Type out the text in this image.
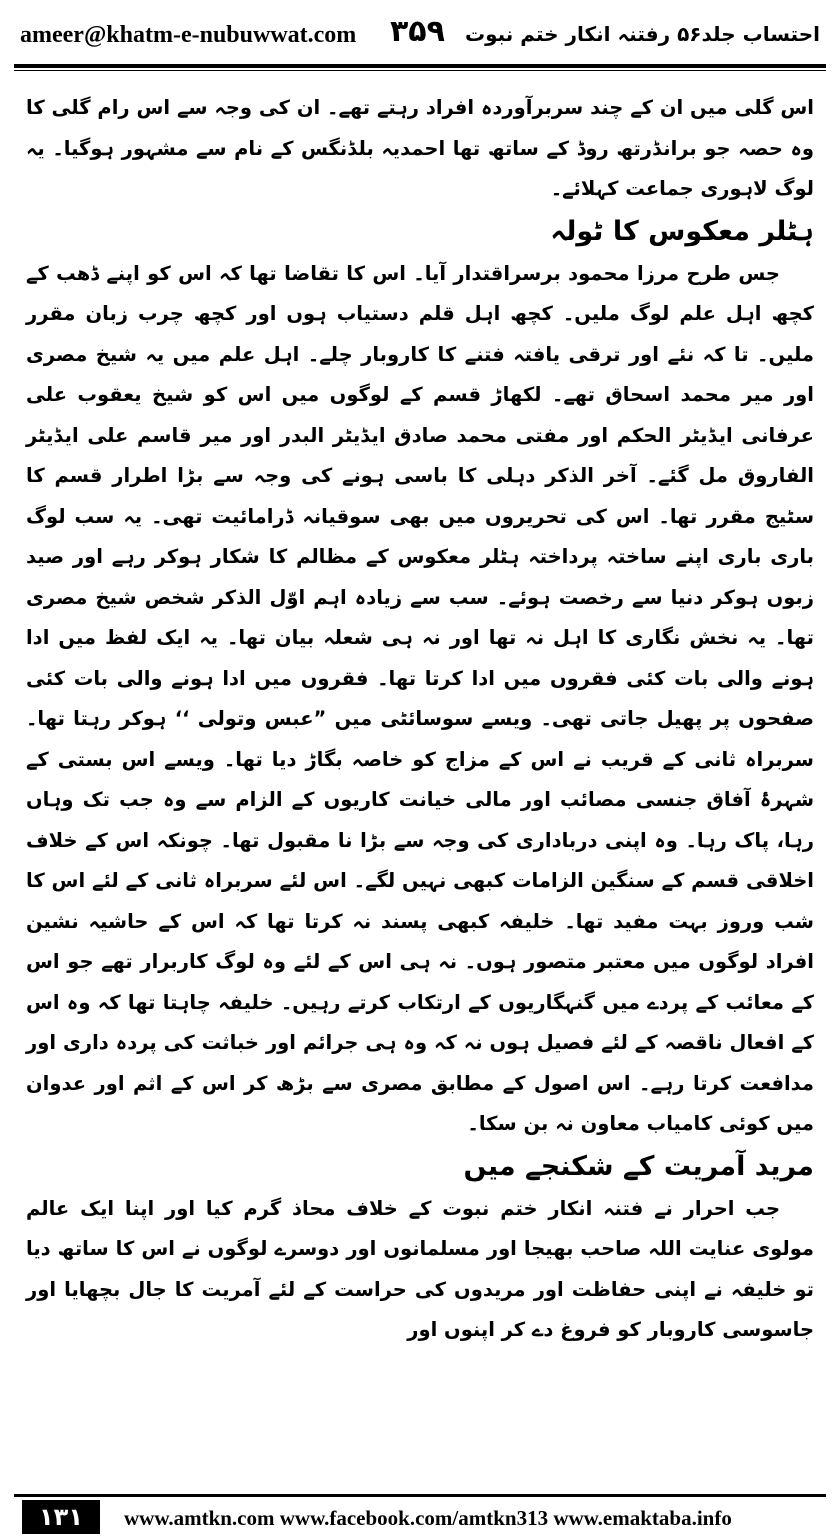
ameer@khatm-e-nubuwwat.com ۳۵۹ احتساب جلد۵۶ رفتنہ انکار ختم نبوت

اس گلی میں ان کے چند سربرآوردہ افراد رہتے تھے۔ ان کی وجہ سے اس رام گلی کا وہ حصہ جو برانڈرتھ روڈ کے ساتھ تھا احمدیہ بلڈنگس کے نام سے مشہور ہوگیا۔ یہ لوگ لاہوری جماعت کہلائے۔

ہٹلر معکوس کا ٹولہ

جس طرح مرزا محمود برسراقتدار آیا۔ اس کا تقاضا تھا کہ اس کو اپنے ڈھب کے کچھ اہل علم لوگ ملیں۔ کچھ اہل قلم دستیاب ہوں اور کچھ چرب زبان مقرر ملیں۔ تا کہ نئے اور ترقی یافتہ فتنے کا کاروبار چلے۔ اہل علم میں یہ شیخ مصری اور میر محمد اسحاق تھے۔ لکھاڑ قسم کے لوگوں میں اس کو شیخ یعقوب علی عرفانی ایڈیٹر الحکم اور مفتی محمد صادق ایڈیٹر البدر اور میر قاسم علی ایڈیٹر الفاروق مل گئے۔ آخر الذکر دہلی کا باسی ہونے کی وجہ سے بڑا اطرار قسم کا سٹیج مقرر تھا۔ اس کی تحریروں میں بھی سوقیانہ ڈرامائیت تھی۔ یہ سب لوگ باری باری اپنے ساختہ پرداختہ ہٹلر معکوس کے مظالم کا شکار ہوکر رہے اور صید زبوں ہوکر دنیا سے رخصت ہوئے۔ سب سے زیادہ اہم اوّل الذکر شخص شیخ مصری تھا۔ یہ نخش نگاری کا اہل نہ تھا اور نہ ہی شعلہ بیان تھا۔ یہ ایک لفظ میں ادا ہونے والی بات کئی فقروں میں ادا کرتا تھا۔ فقروں میں ادا ہونے والی بات کئی صفحوں پر پھیل جاتی تھی۔ ویسے سوسائٹی میں ”عبس وتولی ‘‘ ہوکر رہتا تھا۔ سربراہ ثانی کے قریب نے اس کے مزاج کو خاصہ بگاڑ دیا تھا۔ ویسے اس بستی کے شہرۂ آفاق جنسی مصائب اور مالی خیانت کاریوں کے الزام سے وہ جب تک وہاں رہا، پاک رہا۔ وہ اپنی درباداری کی وجہ سے بڑا نا مقبول تھا۔ چونکہ اس کے خلاف اخلاقی قسم کے سنگین الزامات کبھی نہیں لگے۔ اس لئے سربراہ ثانی کے لئے اس کا شب وروز بہت مفید تھا۔ خلیفہ کبھی پسند نہ کرتا تھا کہ اس کے حاشیہ نشین افراد لوگوں میں معتبر متصور ہوں۔ نہ ہی اس کے لئے وہ لوگ کاربرار تھے جو اس کے معائب کے پردے میں گنہگاریوں کے ارتکاب کرتے رہیں۔ خلیفہ چاہتا تھا کہ وہ اس کے افعال ناقصہ کے لئے فصیل ہوں نہ کہ وہ ہی جرائم اور خباثت کی پردہ داری اور مدافعت کرتا رہے۔ اس اصول کے مطابق مصری سے بڑھ کر اس کے اثم اور عدوان میں کوئی کامیاب معاون نہ بن سکا۔

مرید آمریت کے شکنجے میں

جب احرار نے فتنہ انکار ختم نبوت کے خلاف محاذ گرم کیا اور اپنا ایک عالم مولوی عنایت اللہ صاحب بھیجا اور مسلمانوں اور دوسرے لوگوں نے اس کا ساتھ دیا تو خلیفہ نے اپنی حفاظت اور مریدوں کی حراست کے لئے آمریت کا جال بچھایا اور جاسوسی کاروبار کو فروغ دے کر اپنوں اور

۱۳۱	www.amtkn.com www.facebook.com/amtkn313 www.emaktaba.info
